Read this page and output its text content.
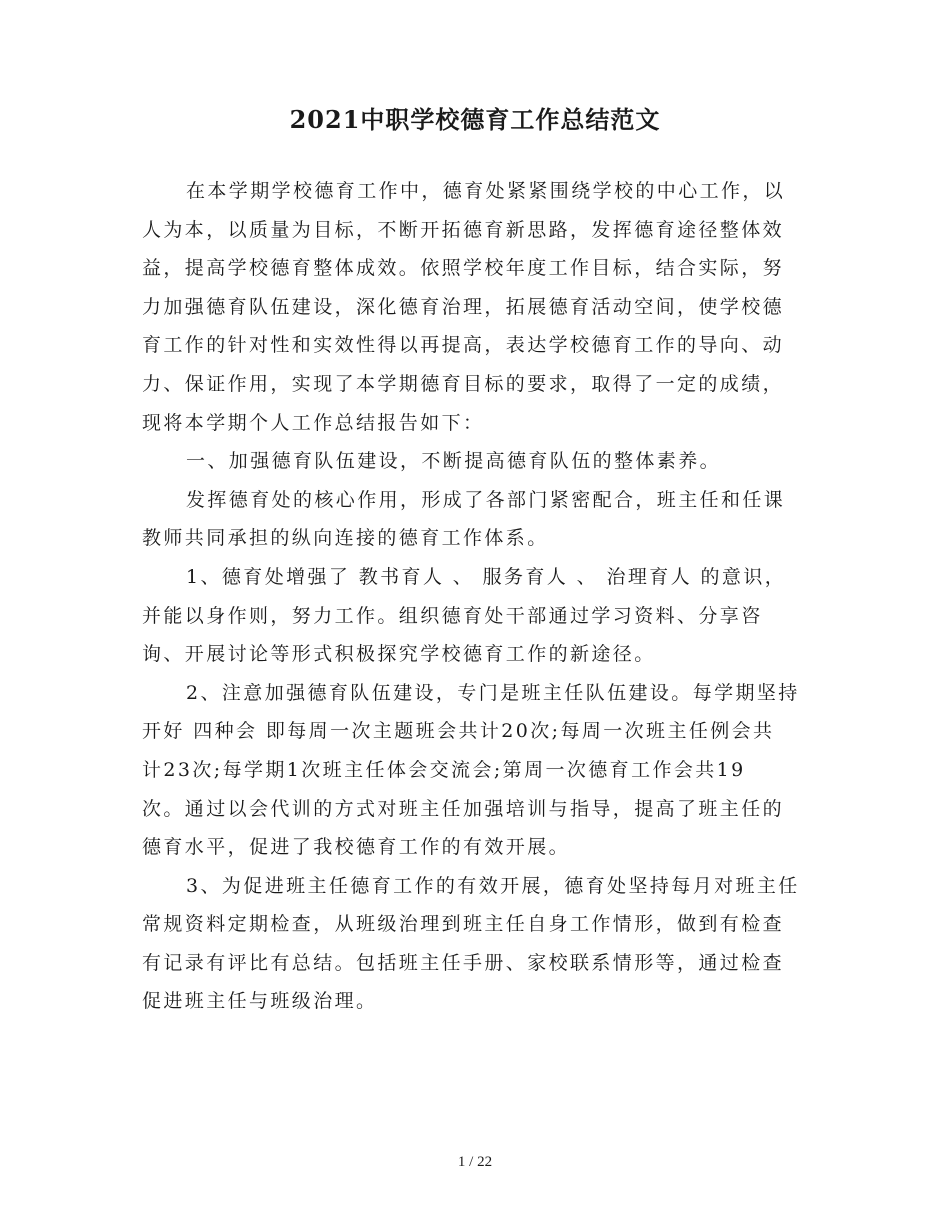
2021中职学校德育工作总结范文
在本学期学校德育工作中，德育处紧紧围绕学校的中心工作，以
人为本，以质量为目标，不断开拓德育新思路，发挥德育途径整体效
益，提高学校德育整体成效。依照学校年度工作目标，结合实际，努
力加强德育队伍建设，深化德育治理，拓展德育活动空间，使学校德
育工作的针对性和实效性得以再提高，表达学校德育工作的导向、动
力、保证作用，实现了本学期德育目标的要求，取得了一定的成绩，
现将本学期个人工作总结报告如下：
一、加强德育队伍建设，不断提高德育队伍的整体素养。
发挥德育处的核心作用，形成了各部门紧密配合，班主任和任课
教师共同承担的纵向连接的德育工作体系。
1、德育处增强了 教书育人 、 服务育人 、 治理育人 的意识，
并能以身作则，努力工作。组织德育处干部通过学习资料、分享咨
询、开展讨论等形式积极探究学校德育工作的新途径。
2、注意加强德育队伍建设，专门是班主任队伍建设。每学期坚持
开好 四种会 即每周一次主题班会共计20次;每周一次班主任例会共
计23次;每学期1次班主任体会交流会;第周一次德育工作会共19
次。通过以会代训的方式对班主任加强培训与指导，提高了班主任的
德育水平，促进了我校德育工作的有效开展。
3、为促进班主任德育工作的有效开展，德育处坚持每月对班主任
常规资料定期检查，从班级治理到班主任自身工作情形，做到有检查
有记录有评比有总结。包括班主任手册、家校联系情形等，通过检查
促进班主任与班级治理。
1 / 22
